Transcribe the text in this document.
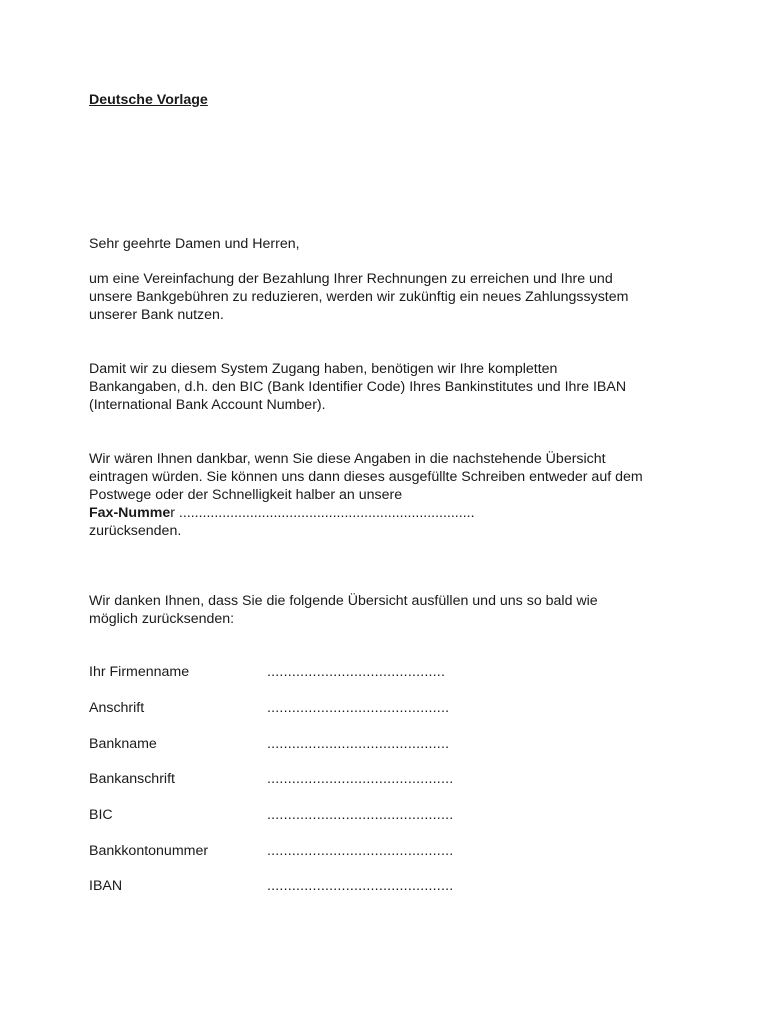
Deutsche Vorlage
Sehr geehrte Damen und Herren,
um eine Vereinfachung der Bezahlung Ihrer Rechnungen zu erreichen und Ihre und
unsere Bankgebühren zu reduzieren, werden wir zukünftig ein neues Zahlungssystem
unserer Bank nutzen.
Damit wir zu diesem System Zugang haben, benötigen wir Ihre kompletten
Bankangaben, d.h. den BIC (Bank Identifier Code) Ihres Bankinstitutes und Ihre IBAN
(International Bank Account Number).
Wir wären Ihnen dankbar, wenn Sie diese Angaben in die nachstehende Übersicht
eintragen würden. Sie können uns dann dieses ausgefüllte Schreiben entweder auf dem
Postwege oder der Schnelligkeit halber an unsere
Fax-Nummer ...........................................................................
zurücksenden.
Wir danken Ihnen, dass Sie die folgende Übersicht ausfüllen und uns so bald wie
möglich zurücksenden:
Ihr Firmenname	...........................................
Anschrift	............................................
Bankname	............................................
Bankanschrift	.............................................
BIC	.............................................
Bankkontonummer	.............................................
IBAN	.............................................
